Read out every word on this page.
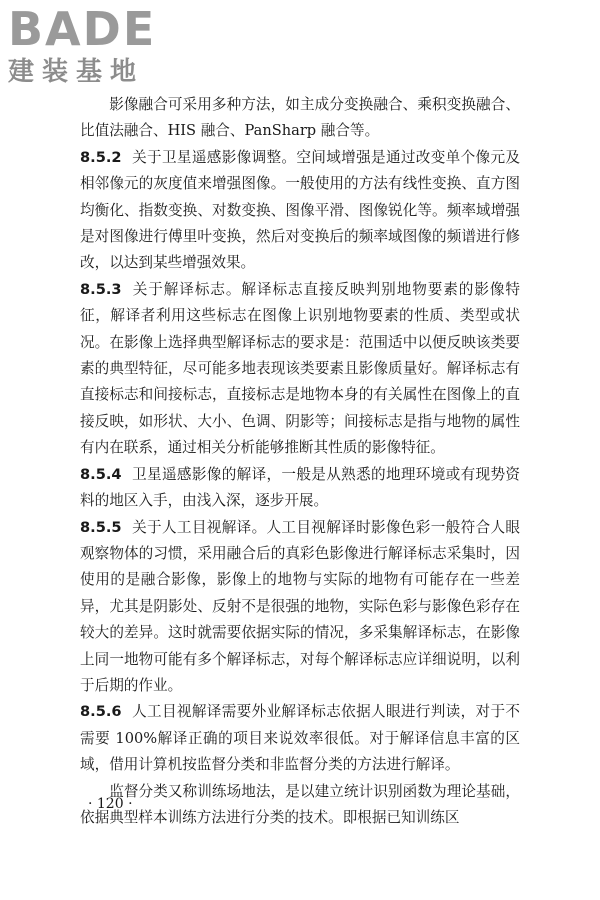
BADE
建装基地

影像融合可采用多种方法，如主成分变换融合、乘积变换融合、比值法融合、HIS 融合、PanSharp 融合等。

8.5.2 关于卫星遥感影像调整。空间域增强是通过改变单个像元及相邻像元的灰度值来增强图像。一般使用的方法有线性变换、直方图均衡化、指数变换、对数变换、图像平滑、图像锐化等。频率域增强是对图像进行傅里叶变换，然后对变换后的频率域图像的频谱进行修改，以达到某些增强效果。

8.5.3 关于解译标志。解译标志直接反映判别地物要素的影像特征，解译者利用这些标志在图像上识别地物要素的性质、类型或状况。在影像上选择典型解译标志的要求是：范围适中以便反映该类要素的典型特征，尽可能多地表现该类要素且影像质量好。解译标志有直接标志和间接标志，直接标志是地物本身的有关属性在图像上的直接反映，如形状、大小、色调、阴影等；间接标志是指与地物的属性有内在联系，通过相关分析能够推断其性质的影像特征。

8.5.4 卫星遥感影像的解译，一般是从熟悉的地理环境或有现势资料的地区入手，由浅入深，逐步开展。

8.5.5 关于人工目视解译。人工目视解译时影像色彩一般符合人眼观察物体的习惯，采用融合后的真彩色影像进行解译标志采集时，因使用的是融合影像，影像上的地物与实际的地物有可能存在一些差异，尤其是阴影处、反射不是很强的地物，实际色彩与影像色彩存在较大的差异。这时就需要依据实际的情况，多采集解译标志，在影像上同一地物可能有多个解译标志，对每个解译标志应详细说明，以利于后期的作业。

8.5.6 人工目视解译需要外业解译标志依据人眼进行判读，对于不需要 100%解译正确的项目来说效率很低。对于解译信息丰富的区域，借用计算机按监督分类和非监督分类的方法进行解译。

监督分类又称训练场地法，是以建立统计识别函数为理论基础，依据典型样本训练方法进行分类的技术。即根据已知训练区

· 120 ·
